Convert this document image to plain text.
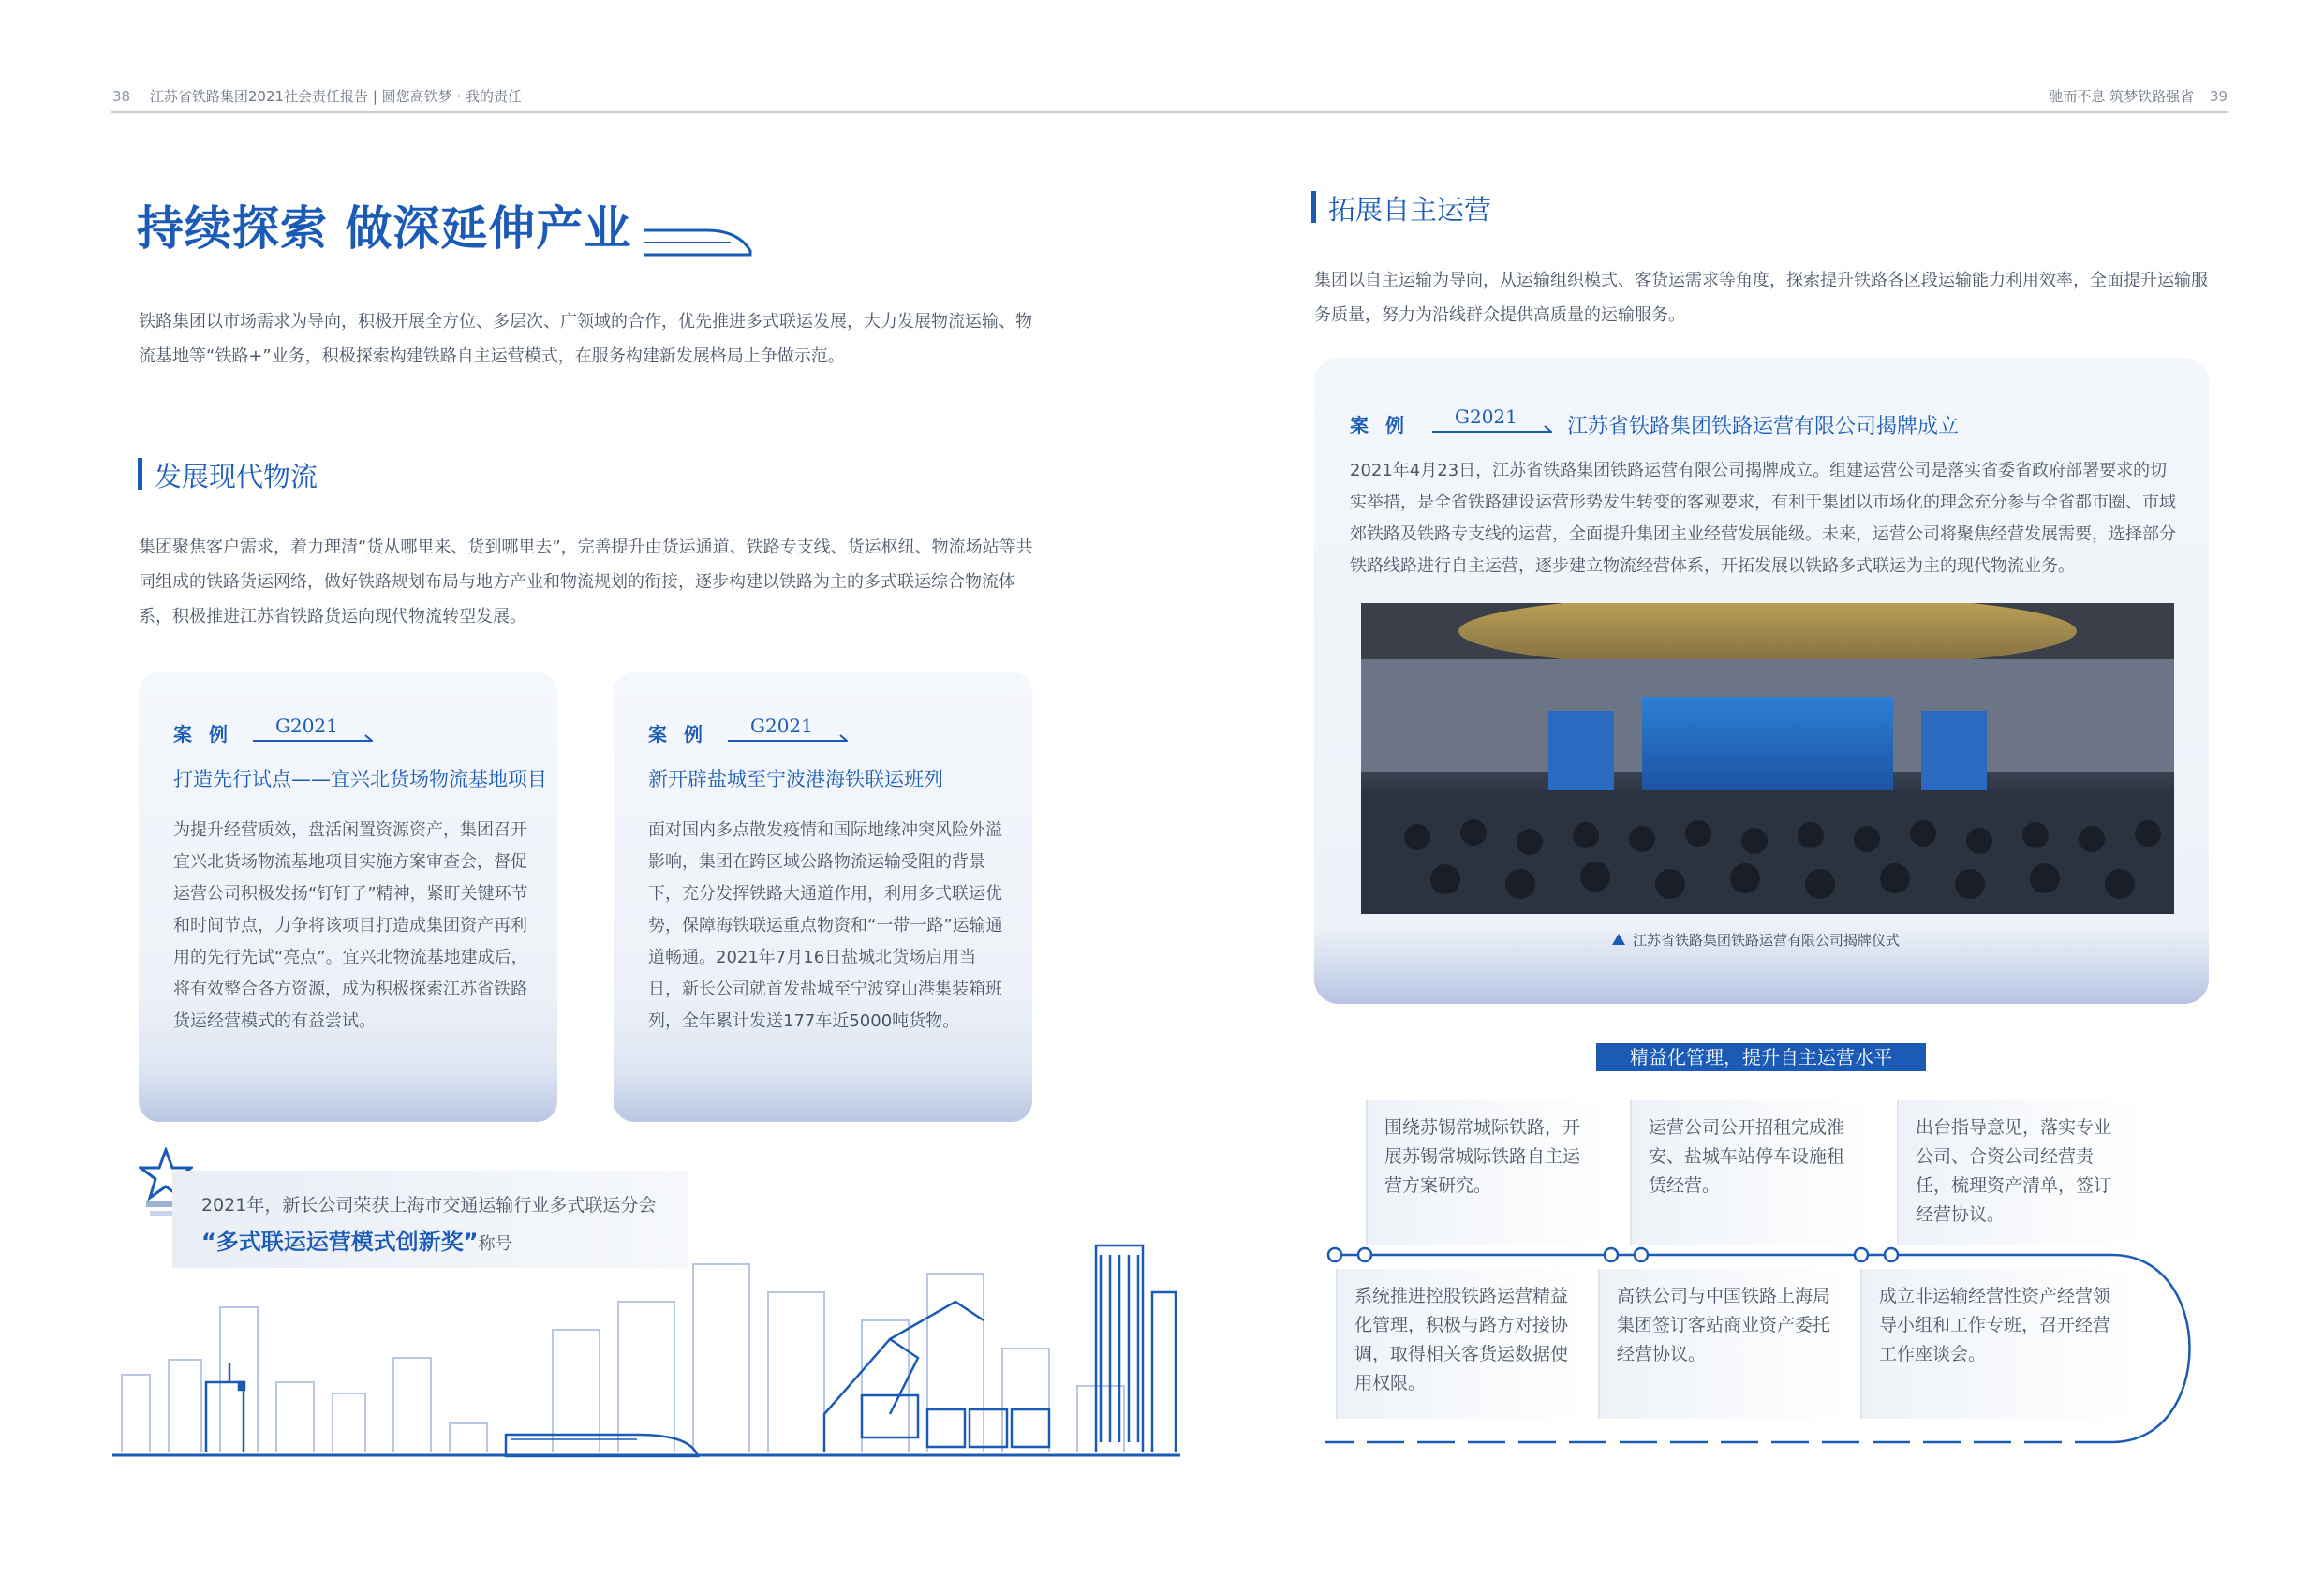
38 江苏省铁路集团2021社会责任报告 | 圆您高铁梦 · 我的责任	驰而不息 筑梦铁路强省 39
持续探索 做深延伸产业
铁路集团以市场需求为导向，积极开展全方位、多层次、广领域的合作，优先推进多式联运发展，大力发展物流运输、物流基地等“铁路+”业务，积极探索构建铁路自主运营模式，在服务构建新发展格局上争做示范。
发展现代物流
集团聚焦客户需求，着力理清“货从哪里来、货到哪里去”，完善提升由货运通道、铁路专支线、货运枢纽、物流场站等共同组成的铁路货运网络，做好铁路规划布局与地方产业和物流规划的衔接，逐步构建以铁路为主的多式联运综合物流体系，积极推进江苏省铁路货运向现代物流转型发展。
案例 G2021
打造先行试点——宜兴北货场物流基地项目
为提升经营质效，盘活闲置资源资产，集团召开宜兴北货场物流基地项目实施方案审查会，督促运营公司积极发扬“钉钉子”精神，紧盯关键环节和时间节点，力争将该项目打造成集团资产再利用的先行先试“亮点”。宜兴北物流基地建成后，将有效整合各方资源，成为积极探索江苏省铁路货运经营模式的有益尝试。
案例 G2021
新开辟盐城至宁波港海铁联运班列
面对国内多点散发疫情和国际地缘冲突风险外溢影响，集团在跨区域公路物流运输受阻的背景下，充分发挥铁路大通道作用，利用多式联运优势，保障海铁联运重点物资和“一带一路”运输通道畅通。2021年7月16日盐城北货场启用当日，新长公司就首发盐城至宁波穿山港集装箱班列，全年累计发送177车近5000吨货物。
2021年，新长公司荣获上海市交通运输行业多式联运分会
“多式联运运营模式创新奖”称号
拓展自主运营
集团以自主运输为导向，从运输组织模式、客货运需求等角度，探索提升铁路各区段运输能力利用效率，全面提升运输服务质量，努力为沿线群众提供高质量的运输服务。
案例 G2021 江苏省铁路集团铁路运营有限公司揭牌成立
2021年4月23日，江苏省铁路集团铁路运营有限公司揭牌成立。组建运营公司是落实省委省政府部署要求的切实举措，是全省铁路建设运营形势发生转变的客观要求，有利于集团以市场化的理念充分参与全省都市圈、市域郊铁路及铁路专支线的运营，全面提升集团主业经营发展能级。未来，运营公司将聚焦经营发展需要，选择部分铁路线路进行自主运营，逐步建立物流经营体系，开拓发展以铁路多式联运为主的现代物流业务。
江苏省铁路集团铁路运营有限公司揭牌仪式
精益化管理，提升自主运营水平
围绕苏锡常城际铁路，开展苏锡常城际铁路自主运营方案研究。
运营公司公开招租完成淮安、盐城车站停车设施租赁经营。
出台指导意见，落实专业公司、合资公司经营责任，梳理资产清单，签订经营协议。
系统推进控股铁路运营精益化管理，积极与路方对接协调，取得相关客货运数据使用权限。
高铁公司与中国铁路上海局集团签订客站商业资产委托经营协议。
成立非运输经营性资产经营领导小组和工作专班，召开经营工作座谈会。
